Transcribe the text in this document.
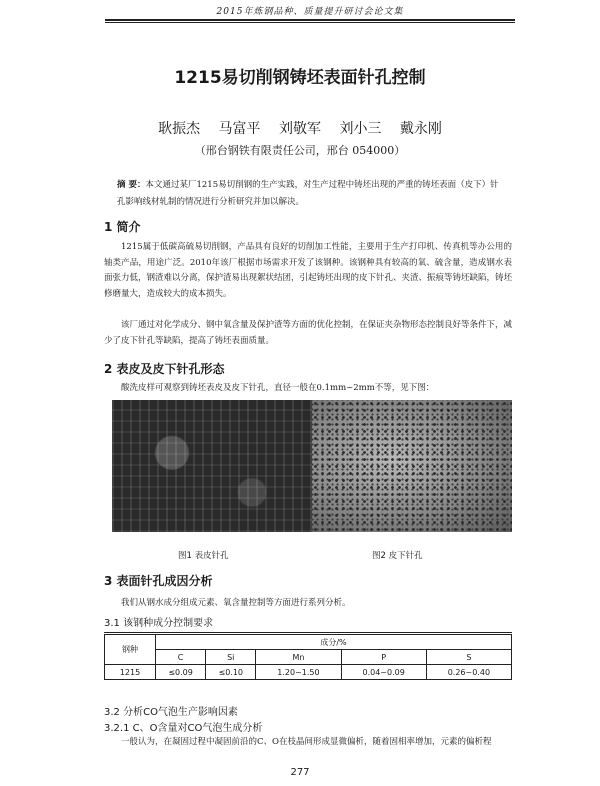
2015年炼钢品种、质量提升研讨会论文集
1215易切削钢铸坯表面针孔控制
耿振杰 马富平 刘敬军 刘小三 戴永刚
（邢台钢铁有限责任公司，邢台 054000）
摘 要：本文通过某厂1215易切削钢的生产实践，对生产过程中铸坯出现的严重的铸坯表面（皮下）针孔影响线材轧制的情况进行分析研究并加以解决。
1 简介
1215属于低碳高硫易切削钢，产品具有良好的切削加工性能，主要用于生产打印机、传真机等办公用的轴类产品，用途广泛。2010年该厂根据市场需求开发了该钢种。该钢种具有较高的氧、硫含量，造成钢水表面张力低，钢渣难以分离，保护渣易出现絮状结团，引起铸坯出现的皮下针孔、夹渣、振痕等铸坯缺陷，铸坯修磨量大，造成较大的成本损失。
该厂通过对化学成分、钢中氧含量及保护渣等方面的优化控制，在保证夹杂物形态控制良好等条件下，减少了皮下针孔等缺陷，提高了铸坯表面质量。
2 表皮及皮下针孔形态
酸洗皮样可观察到铸坯表皮及皮下针孔，直径一般在0.1mm~2mm不等，见下图：
图1 表皮针孔	图2 皮下针孔
3 表面针孔成因分析
我们从钢水成分组成元素、氧含量控制等方面进行系列分析。
3.1 该钢种成分控制要求
钢种	成分/%				
	C	Si	Mn	P	S
1215	≤0.09	≤0.10	1.20~1.50	0.04~0.09	0.26~0.40
3.2 分析CO气泡生产影响因素
3.2.1 C、O含量对CO气泡生成分析
一般认为，在凝固过程中凝固前沿的C、O在枝晶间形成显微偏析，随着固相率增加，元素的偏析程
277
